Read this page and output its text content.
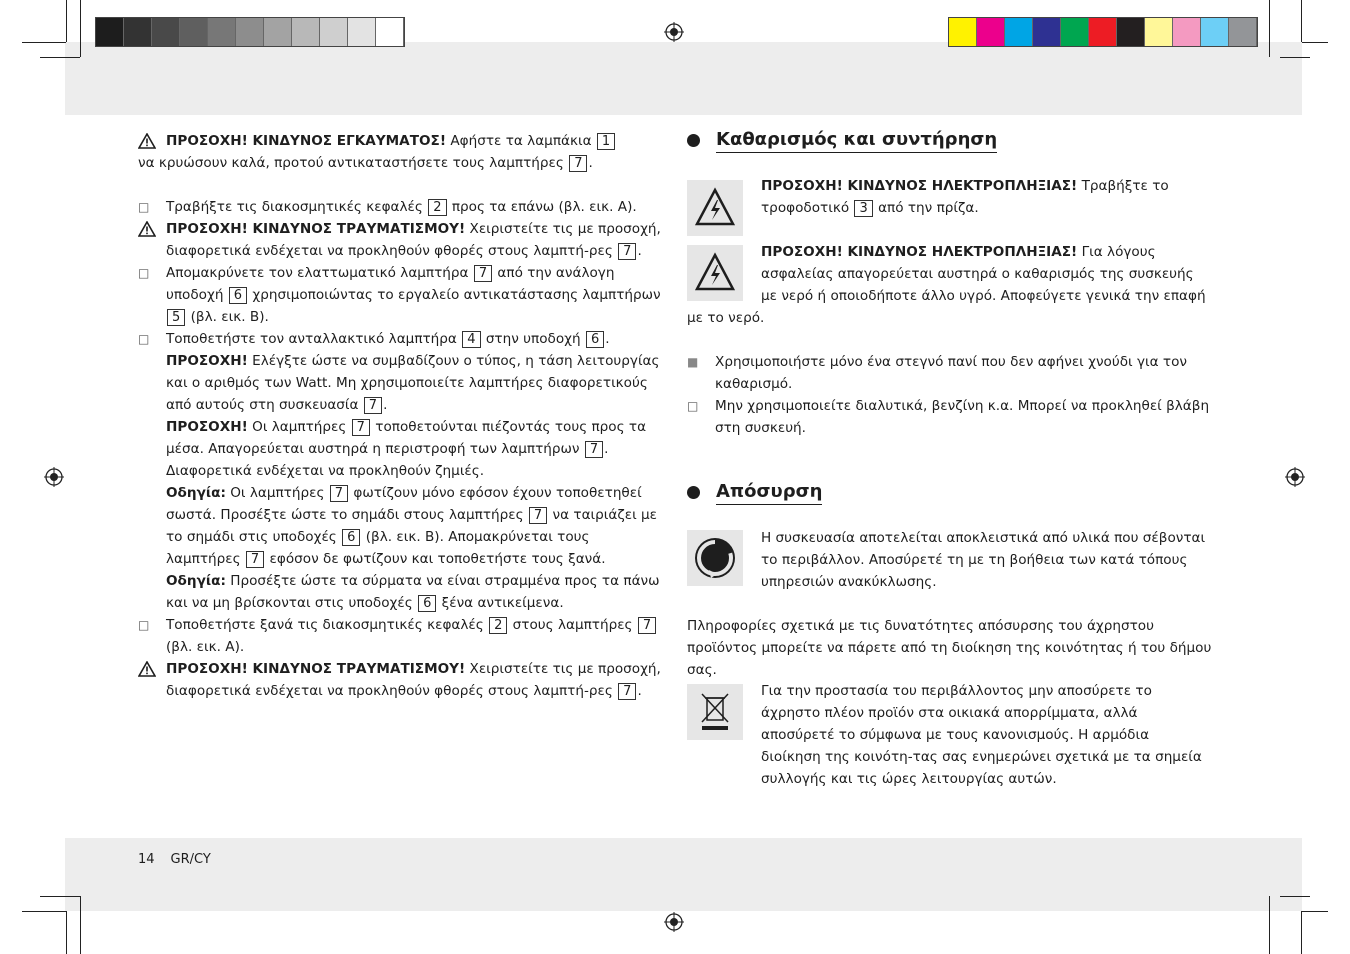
ΠΡΟΣΟΧΗ! ΚΙΝΔΥΝΟΣ ΕΓΚΑΥΜΑΤΟΣ! Αφήστε τα λαμπάκια 1
να κρυώσουν καλά, προτού αντικαταστήσετε τους λαμπτήρες 7 .

□ Τραβήξτε τις διακοσμητικές κεφαλές 2 προς τα επάνω (βλ. εικ. A).
ΠΡΟΣΟΧΗ! ΚΙΝΔΥΝΟΣ ΤΡΑΥΜΑΤΙΣΜΟΥ! Χειριστείτε τις με προσοχή, διαφορετικά ενδέχεται να προκληθούν φθορές στους λαμπτή-ρες 7 .
□ Απομακρύνετε τον ελαττωματικό λαμπτήρα 7 από την ανάλογη υποδοχή 6 χρησιμοποιώντας το εργαλείο αντικατάστασης λαμπτήρων 5 (βλ. εικ. B).
□ Τοποθετήστε τον ανταλλακτικό λαμπτήρα 4 στην υποδοχή 6 .
ΠΡΟΣΟΧΗ! Ελέγξτε ώστε να συμβαδίζουν ο τύπος, η τάση λειτουργίας και ο αριθμός των Watt. Μη χρησιμοποιείτε λαμπτήρες διαφορετικούς από αυτούς στη συσκευασία 7 .
ΠΡΟΣΟΧΗ! Οι λαμπτήρες 7 τοποθετούνται πιέζοντάς τους προς τα μέσα. Απαγορεύεται αυστηρά η περιστροφή των λαμπτήρων 7 . Διαφορετικά ενδέχεται να προκληθούν ζημιές.
Οδηγία: Οι λαμπτήρες 7 φωτίζουν μόνο εφόσον έχουν τοποθετηθεί σωστά. Προσέξτε ώστε το σημάδι στους λαμπτήρες 7 να ταιριάζει με το σημάδι στις υποδοχές 6 (βλ. εικ. B). Απομακρύνεται τους λαμπτήρες 7 εφόσον δε φωτίζουν και τοποθετήστε τους ξανά.
Οδηγία: Προσέξτε ώστε τα σύρματα να είναι στραμμένα προς τα πάνω και να μη βρίσκονται στις υποδοχές 6 ξένα αντικείμενα.
□ Τοποθετήστε ξανά τις διακοσμητικές κεφαλές 2 στους λαμπτήρες 7 (βλ. εικ. A).
ΠΡΟΣΟΧΗ! ΚΙΝΔΥΝΟΣ ΤΡΑΥΜΑΤΙΣΜΟΥ! Χειριστείτε τις με προσοχή, διαφορετικά ενδέχεται να προκληθούν φθορές στους λαμπτή-ρες 7 .
Καθαρισμός και συντήρηση
ΠΡΟΣΟΧΗ! ΚΙΝΔΥΝΟΣ ΗΛΕΚΤΡΟΠΛΗΞΙΑΣ! Τραβήξτε το τροφοδοτικό 3 από την πρίζα.
ΠΡΟΣΟΧΗ! ΚΙΝΔΥΝΟΣ ΗΛΕΚΤΡΟΠΛΗΞΙΑΣ! Για λόγους ασφαλείας απαγορεύεται αυστηρά ο καθαρισμός της συσκευής με νερό ή οποιοδήποτε άλλο υγρό. Αποφεύγετε γενικά την επαφή
με το νερό.
■ Χρησιμοποιήστε μόνο ένα στεγνό πανί που δεν αφήνει χνούδι για τον καθαρισμό.
□ Μην χρησιμοποιείτε διαλυτικά, βενζίνη κ.α. Μπορεί να προκληθεί βλάβη στη συσκευή.
Απόσυρση
Η συσκευασία αποτελείται αποκλειστικά από υλικά που σέβονται το περιβάλλον. Αποσύρετέ τη με τη βοήθεια των κατά τόπους υπηρεσιών ανακύκλωσης.
Πληροφορίες σχετικά με τις δυνατότητες απόσυρσης του άχρηστου προϊόντος μπορείτε να πάρετε από τη διοίκηση της κοινότητας ή του δήμου σας.
Για την προστασία του περιβάλλοντος μην αποσύρετε το άχρηστο πλέον προϊόν στα οικιακά απορρίμματα, αλλά αποσύρετέ το σύμφωνα με τους κανονισμούς. Η αρμόδια διοίκηση της κοινότη-τας σας ενημερώνει σχετικά με τα σημεία συλλογής και τις ώρες λειτουργίας αυτών.
14 GR/CY
